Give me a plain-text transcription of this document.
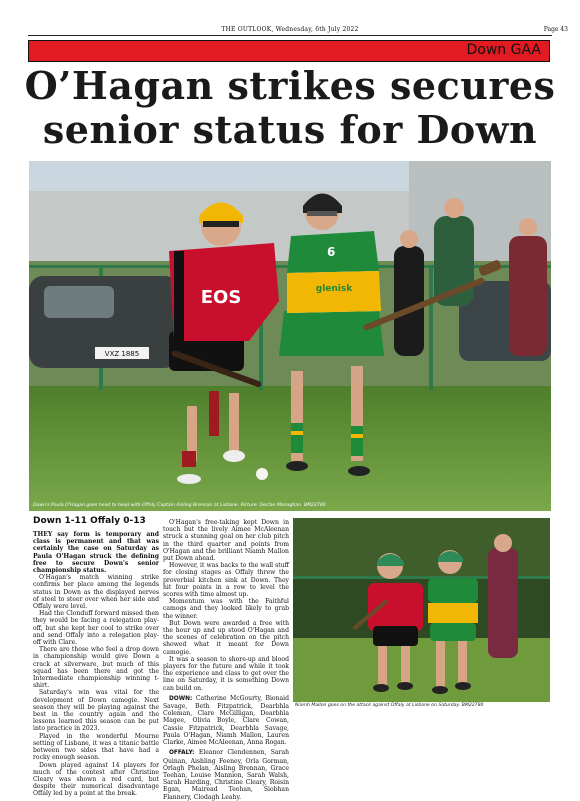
THE OUTLOOK, Wednesday, 6th July 2022	Page 43
Down GAA
O’Hagan strikes secures
senior status for Down
VXZ 1885
EOS
6
glenisk
Down's Paula O'Hagan goes head to head with Offaly Captain Aisling Brennan at Lisbane. Picture: Declan Monaghan. BM22780
Down 1-11 Offaly 0-13

THEY say form is temporary and class is permanent and that was certainly the case on Saturday as Paula O'Hagan struck the defining free to secure Down's senior championship status.

O'Hagan's match winning strike confirms her place among the legends status in Down as the displayed nerves of steel to steer over when her side and Offaly were level.

Had the Clonduff forward missed then they would be facing a relegation play-off, but she kept her cool to strike over and send Offaly into a relegation play-off with Clare.

There are those who feel a drop down in championship would give Down a crack at silverware, but much of this squad has been there and got the Intermediate championship winning t-shirt.

Saturday's win was vital for the development of Down camogie. Next season they will be playing against the best in the country again and the lessons learned this season can be put into practice in 2023.

Played in the wonderful Mourne setting of Lisbane, it was a titanic battle between two sides that have had a rocky enough season.

Down played against 14 players for much of the contest after Christine Cleary was shown a red card, but despite their numerical disadvantage Offaly led by a point at the break.

O'Hagan's free-taking kept Down in touch but the lively Aimee McAleenan struck a stunning goal on her club pitch in the third quarter and points from O'Hagan and the brilliant Niamh Mallon put Down ahead.

However, it was backs to the wall stuff for closing stages as Offaly threw the proverbial kitchen sink at Down. They hit four points in a row to level the scores with time almost up.

Momentum was with the Faithful camogs and they looked likely to grab the winner.

But Down were awarded a free with the hour up and up stood O'Hagan and the scenes of celebration on the pitch showed what it meant for Down camogie.

It was a season to shore-up and blood players for the future and while it took the experience and class to get over the line on Saturday, it is something Down can build on.

DOWN: Catherine McGourty, Bionaid Savage, Beth Fitzpatrick, Dearbhla Coleman, Clare McGilligan, Dearbhla Magee, Olivia Boyle, Clare Cowan, Cassie Fitzpatrick, Dearbhla Savage, Paula O'Hagan, Niamh Mallon, Lauren Clarke, Aimee McAleenan, Anna Rogan.

OFFALY: Eleanor Clendennen, Sarah Quinan, Aishling Feeney, Orla Gorman, Orlagh Phelan, Aisling Brennan, Grace Teehan, Louise Mannion, Sarah Walsh, Sarah Harding, Christine Cleary, Roisin Egan, Mairead Teehan, Siobhan Flannery, Clodagh Leahy.

Niamh Mallon goes on the attack against Offaly at Lisbane on Saturday. BM22780
